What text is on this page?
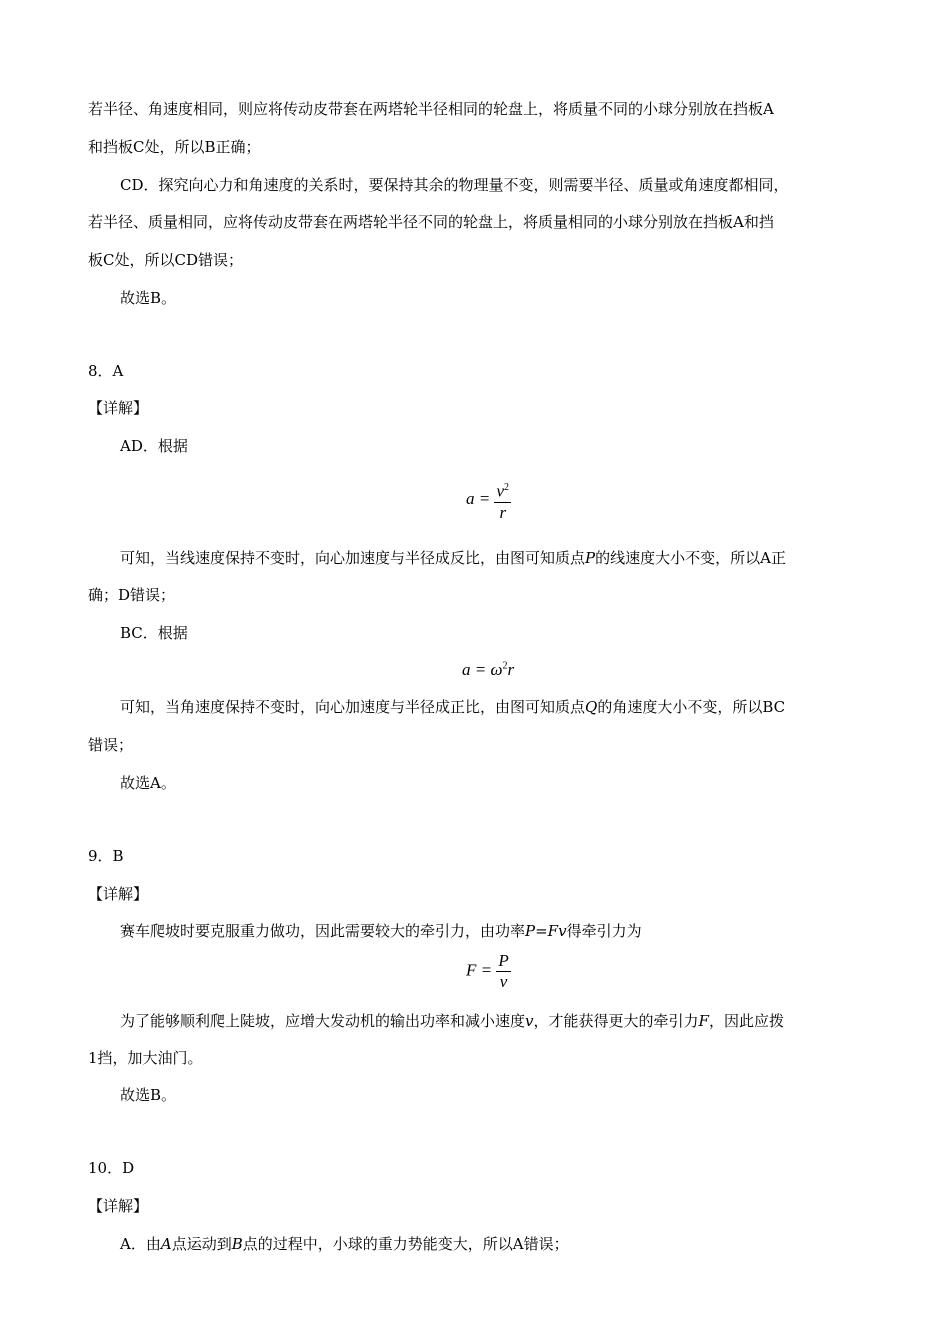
若半径、角速度相同，则应将传动皮带套在两塔轮半径相同的轮盘上，将质量不同的小球分别放在挡板A
和挡板C处，所以B正确；
CD．探究向心力和角速度的关系时，要保持其余的物理量不变，则需要半径、质量或角速度都相同，
若半径、质量相同，应将传动皮带套在两塔轮半径不同的轮盘上，将质量相同的小球分别放在挡板A和挡
板C处，所以CD错误；
故选B。
8．A
【详解】
AD．根据
$a = \frac{v^2}{r}$
可知，当线速度保持不变时，向心加速度与半径成反比，由图可知质点P的线速度大小不变，所以A正
确；D错误；
BC．根据
$a = \omega^2r$
可知，当角速度保持不变时，向心加速度与半径成正比，由图可知质点Q的角速度大小不变，所以BC
错误；
故选A。
9．B
【详解】
赛车爬坡时要克服重力做功，因此需要较大的牵引力，由功率P=Fv得牵引力为
$F = \frac{P}{v}$
为了能够顺利爬上陡坡，应增大发动机的输出功率和减小速度v，才能获得更大的牵引力F，因此应拨
1挡，加大油门。
故选B。
10．D
【详解】
A．由A点运动到B点的过程中，小球的重力势能变大，所以A错误；
